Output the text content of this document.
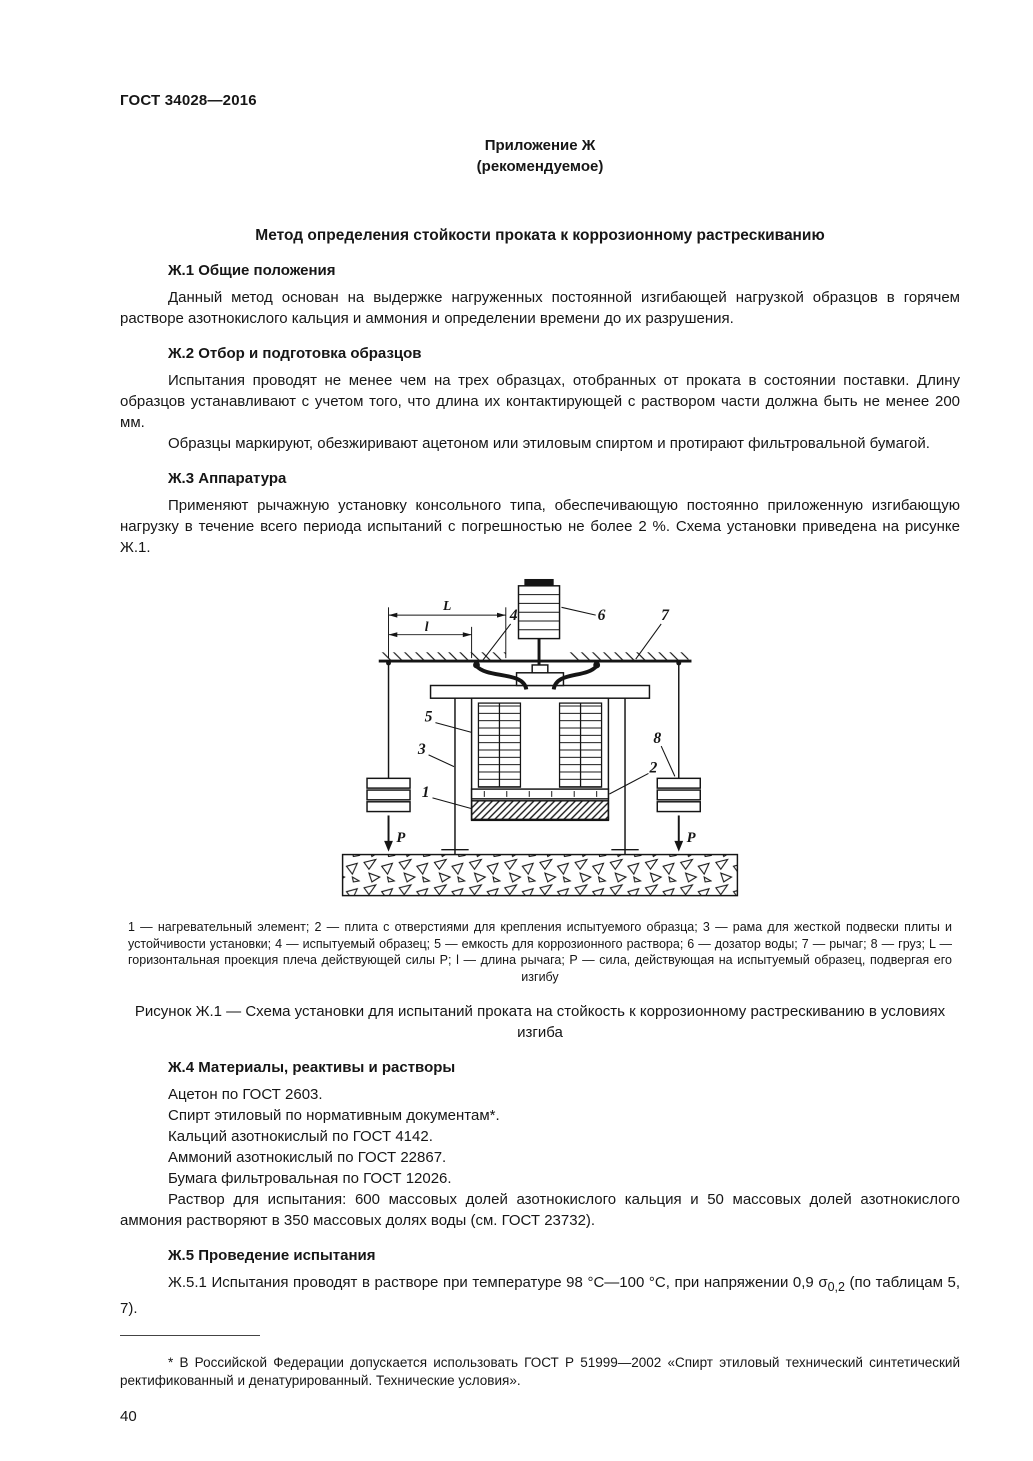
ГОСТ 34028—2016
Приложение Ж
(рекомендуемое)
Метод определения стойкости проката к коррозионному растрескиванию
Ж.1 Общие положения

Данный метод основан на выдержке нагруженных постоянной изгибающей нагрузкой образцов в горячем растворе азотнокислого кальция и аммония и определении времени до их разрушения.

Ж.2 Отбор и подготовка образцов

Испытания проводят не менее чем на трех образцах, отобранных от проката в состоянии поставки. Длину образцов устанавливают с учетом того, что длина их контактирующей с раствором части должна быть не менее 200 мм.

Образцы маркируют, обезжиривают ацетоном или этиловым спиртом и протирают фильтровальной бумагой.

Ж.3 Аппаратура

Применяют рычажную установку консольного типа, обеспечивающую постоянно приложенную изгибающую нагрузку в течение всего периода испытаний с погрешностью не более 2 %. Схема установки приведена на рисунке Ж.1.

L
l
4	6	7
5
3
1
8
2
P	P
1 — нагревательный элемент; 2 — плита с отверстиями для крепления испытуемого образца; 3 — рама для жесткой подвески плиты и устойчивости установки; 4 — испытуемый образец; 5 — емкость для коррозионного раствора; 6 — дозатор воды; 7 — рычаг; 8 — груз; L — горизонтальная проекция плеча действующей силы P; l — длина рычага; P — сила, действующая на испытуемый образец, подвергая его изгибу
Рисунок Ж.1 — Схема установки для испытаний проката на стойкость к коррозионному растрескиванию в условиях изгиба
Ж.4 Материалы, реактивы и растворы

Ацетон по ГОСТ 2603.

Спирт этиловый по нормативным документам*.

Кальций азотнокислый по ГОСТ 4142.

Аммоний азотнокислый по ГОСТ 22867.

Бумага фильтровальная по ГОСТ 12026.

Раствор для испытания: 600 массовых долей азотнокислого кальция и 50 массовых долей азотнокислого аммония растворяют в 350 массовых долях воды (см. ГОСТ 23732).

Ж.5 Проведение испытания

Ж.5.1 Испытания проводят в растворе при температуре 98 °С—100 °С, при напряжении 0,9 $\sigma_{0,2}$ (по таблицам 5, 7).

* В Российской Федерации допускается использовать ГОСТ Р 51999—2002 «Спирт этиловый технический синтетический ректификованный и денатурированный. Технические условия».

40
